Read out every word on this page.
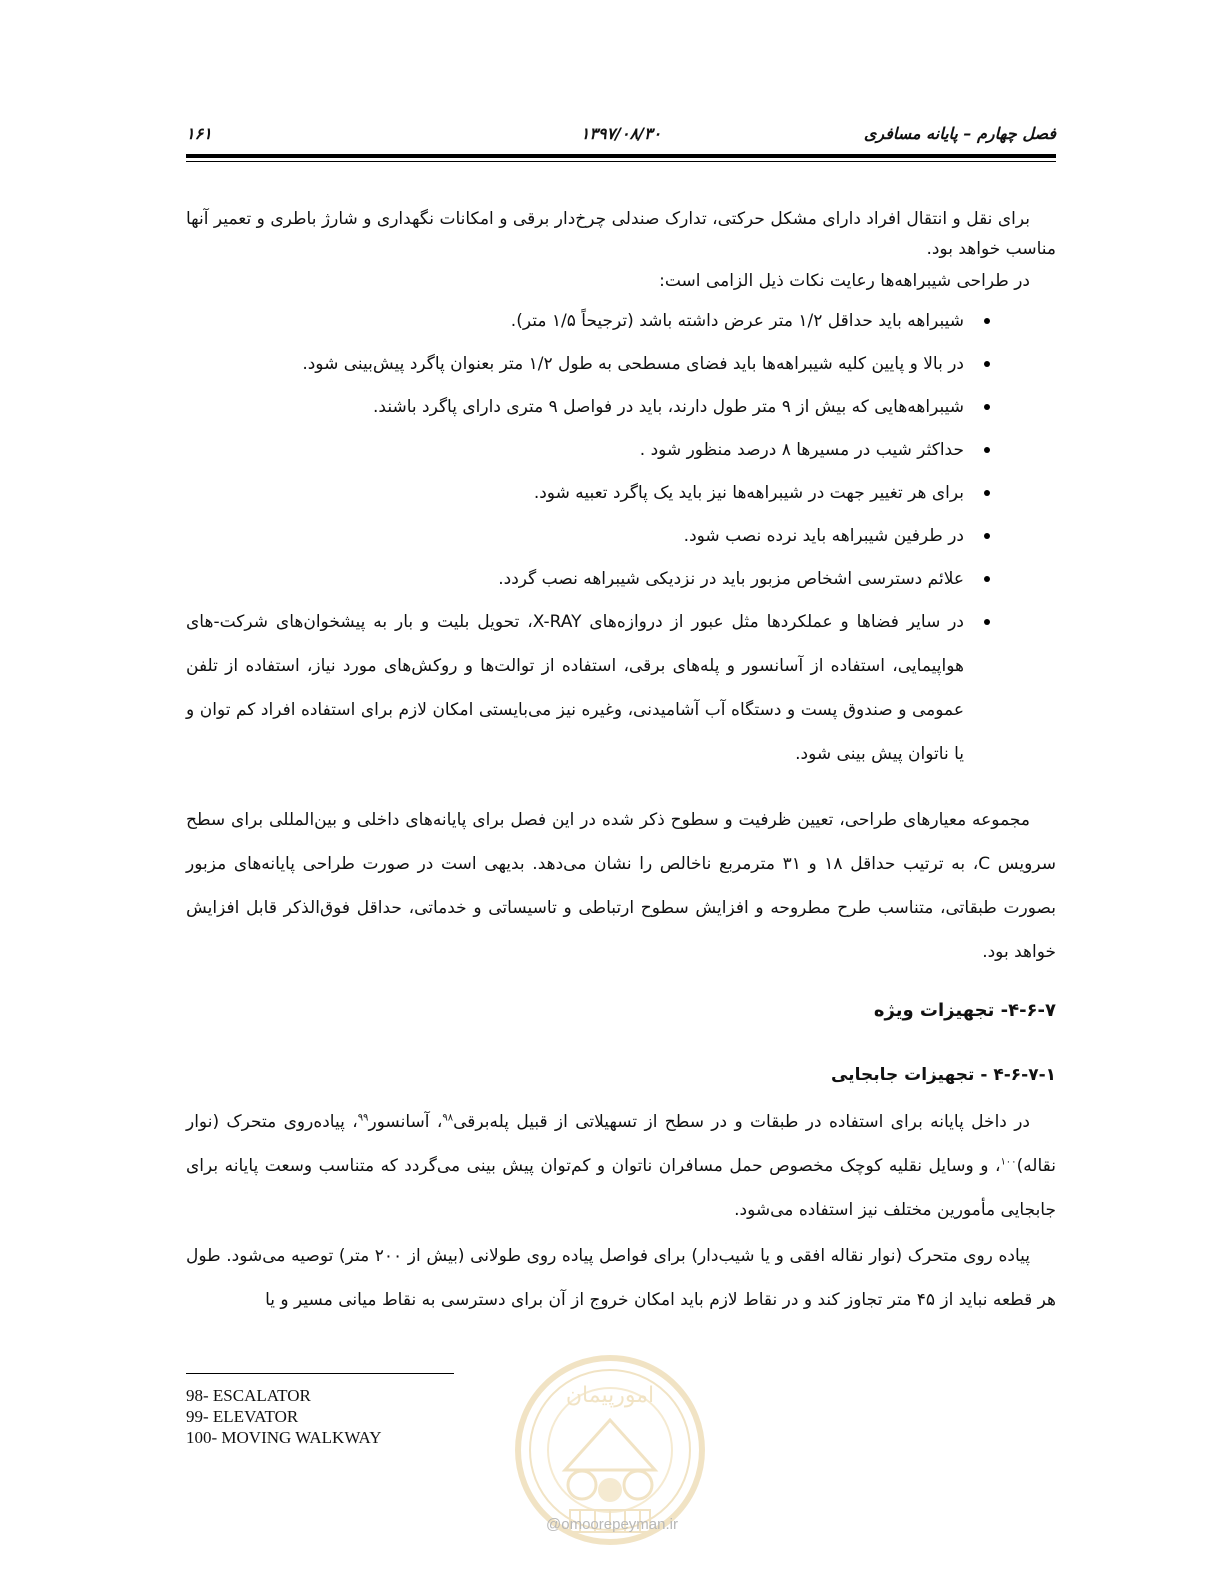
فصل چهارم – پایانه مسافری
۱۳۹۷/۰۸/۳۰
۱۶۱

برای نقل و انتقال افراد دارای مشکل حرکتی، تدارک صندلی چرخ‌دار برقی و امکانات نگهداری و شارژ باطری و تعمیر آنها مناسب خواهد بود.

در طراحی شیبراهه‌ها رعایت نکات ذیل الزامی است:

شیبراهه باید حداقل ۱/۲ متر عرض داشته باشد (ترجیحاً ۱/۵ متر).
در بالا و پایین کلیه شیبراهه‌ها باید فضای مسطحی به طول ۱/۲ متر بعنوان پاگرد پیش‌بینی شود.
شیبراهه‌هایی که بیش از ۹ متر طول دارند، باید در فواصل ۹ متری دارای پاگرد باشند.
حداکثر شیب در مسیرها ۸ درصد منظور شود .
برای هر تغییر جهت در شیبراهه‌ها نیز باید یک پاگرد تعبیه شود.
در طرفین شیبراهه باید نرده نصب شود.
علائم دسترسی اشخاص مزبور باید در نزدیکی شیبراهه نصب گردد.
در سایر فضاها و عملکردها مثل عبور از دروازه‌های X-RAY، تحویل بلیت و بار به پیشخوان‌های شرکت-های هواپیمایی، استفاده از آسانسور و پله‌های برقی، استفاده از توالت‌ها و روکش‌های مورد نیاز، استفاده از تلفن عمومی و صندوق پست و دستگاه آب آشامیدنی، وغیره نیز می‌بایستی امکان لازم برای استفاده افراد کم توان و یا ناتوان پیش بینی شود.

مجموعه معیارهای طراحی، تعیین ظرفیت و سطوح ذکر شده در این فصل برای پایانه‌های داخلی و بین‌المللی برای سطح سرویس C، به ترتیب حداقل ۱۸ و ۳۱ مترمربع ناخالص را نشان می‌دهد. بدیهی است در صورت طراحی پایانه‌های مزبور بصورت طبقاتی، متناسب طرح مطروحه و افزایش سطوح ارتباطی و تاسیساتی و خدماتی، حداقل فوق‌الذکر قابل افزایش خواهد بود.

۴-۶-۷- تجهیزات ویژه

۴-۶-۷-۱ - تجهیزات جابجایی

در داخل پایانه برای استفاده در طبقات و در سطح از تسهیلاتی از قبیل پله‌برقی$^{۹۸}$، آسانسور$^{۹۹}$، پیاده‌روی متحرک (نوار نقاله)$^{۱۰۰}$، و وسایل نقلیه کوچک مخصوص حمل مسافران ناتوان و کم‌توان پیش بینی می‌گردد که متناسب وسعت پایانه برای جابجایی مأمورین مختلف نیز استفاده می‌شود.

پیاده روی متحرک (نوار نقاله افقی و یا شیب‌دار) برای فواصل پیاده روی طولانی (بیش از ۲۰۰ متر) توصیه می‌شود. طول هر قطعه نباید از ۴۵ متر تجاوز کند و در نقاط لازم باید امکان خروج از آن برای دسترسی به نقاط میانی مسیر و یا

98- ESCALATOR
99- ELEVATOR
100- MOVING WALKWAY
امورپیمان
@omoorepeyman.ir
